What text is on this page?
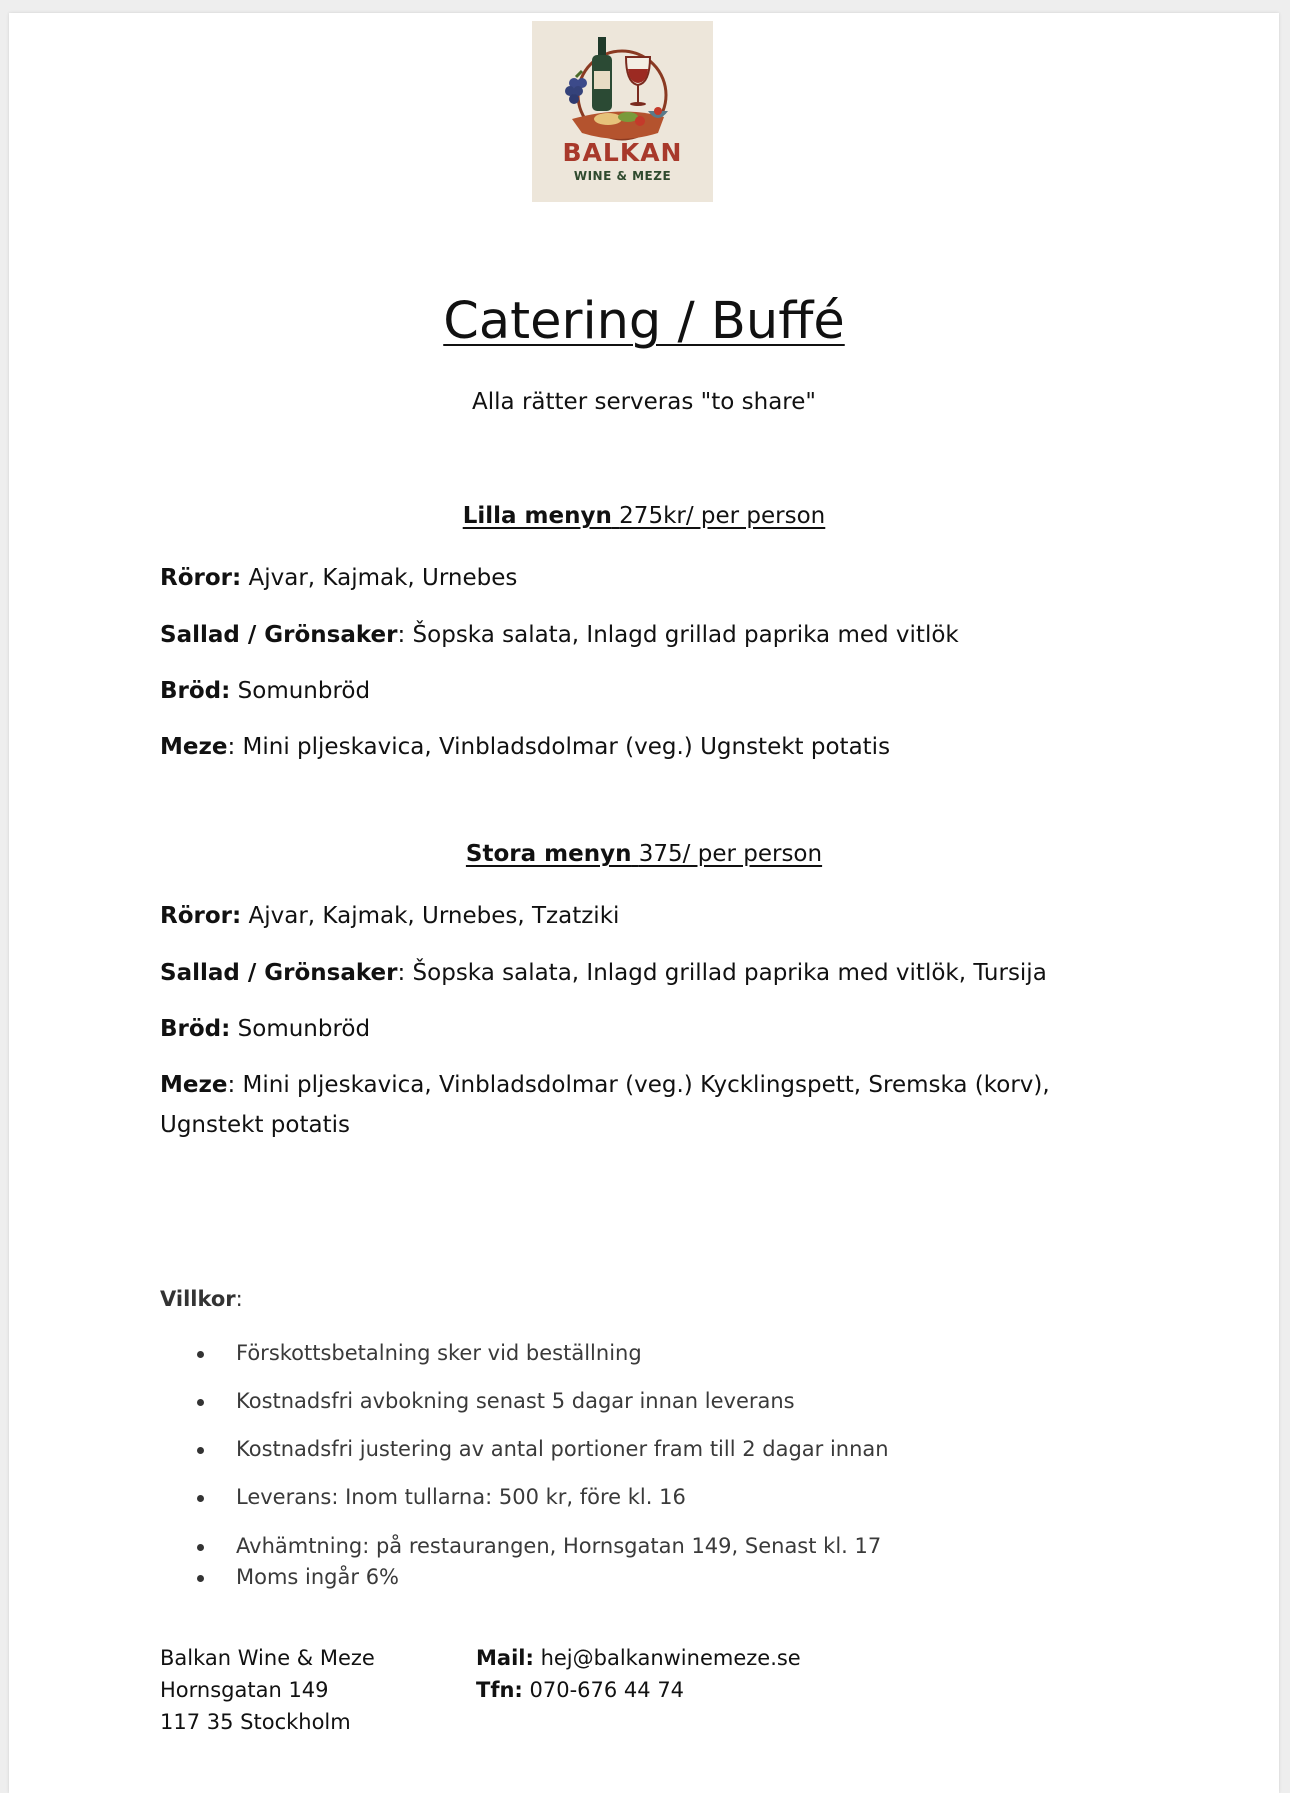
BALKAN
WINE & MEZE
Catering / Buffé
Alla rätter serveras "to share"
Lilla menyn 275kr/ per person
Röror: Ajvar, Kajmak, Urnebes
Sallad / Grönsaker: Šopska salata, Inlagd grillad paprika med vitlök
Bröd: Somunbröd
Meze: Mini pljeskavica, Vinbladsdolmar (veg.) Ugnstekt potatis
Stora menyn 375/ per person
Röror: Ajvar, Kajmak, Urnebes, Tzatziki
Sallad / Grönsaker: Šopska salata, Inlagd grillad paprika med vitlök, Tursija
Bröd: Somunbröd
Meze: Mini pljeskavica, Vinbladsdolmar (veg.) Kycklingspett, Sremska (korv), Ugnstekt potatis
Villkor:
Förskottsbetalning sker vid beställning
Kostnadsfri avbokning senast 5 dagar innan leverans
Kostnadsfri justering av antal portioner fram till 2 dagar innan
Leverans: Inom tullarna: 500 kr, före kl. 16
Avhämtning: på restaurangen, Hornsgatan 149, Senast kl. 17
Moms ingår 6%
Balkan Wine & Meze
Hornsgatan 149
117 35 Stockholm
Mail: hej@balkanwinemeze.se
Tfn: 070-676 44 74
